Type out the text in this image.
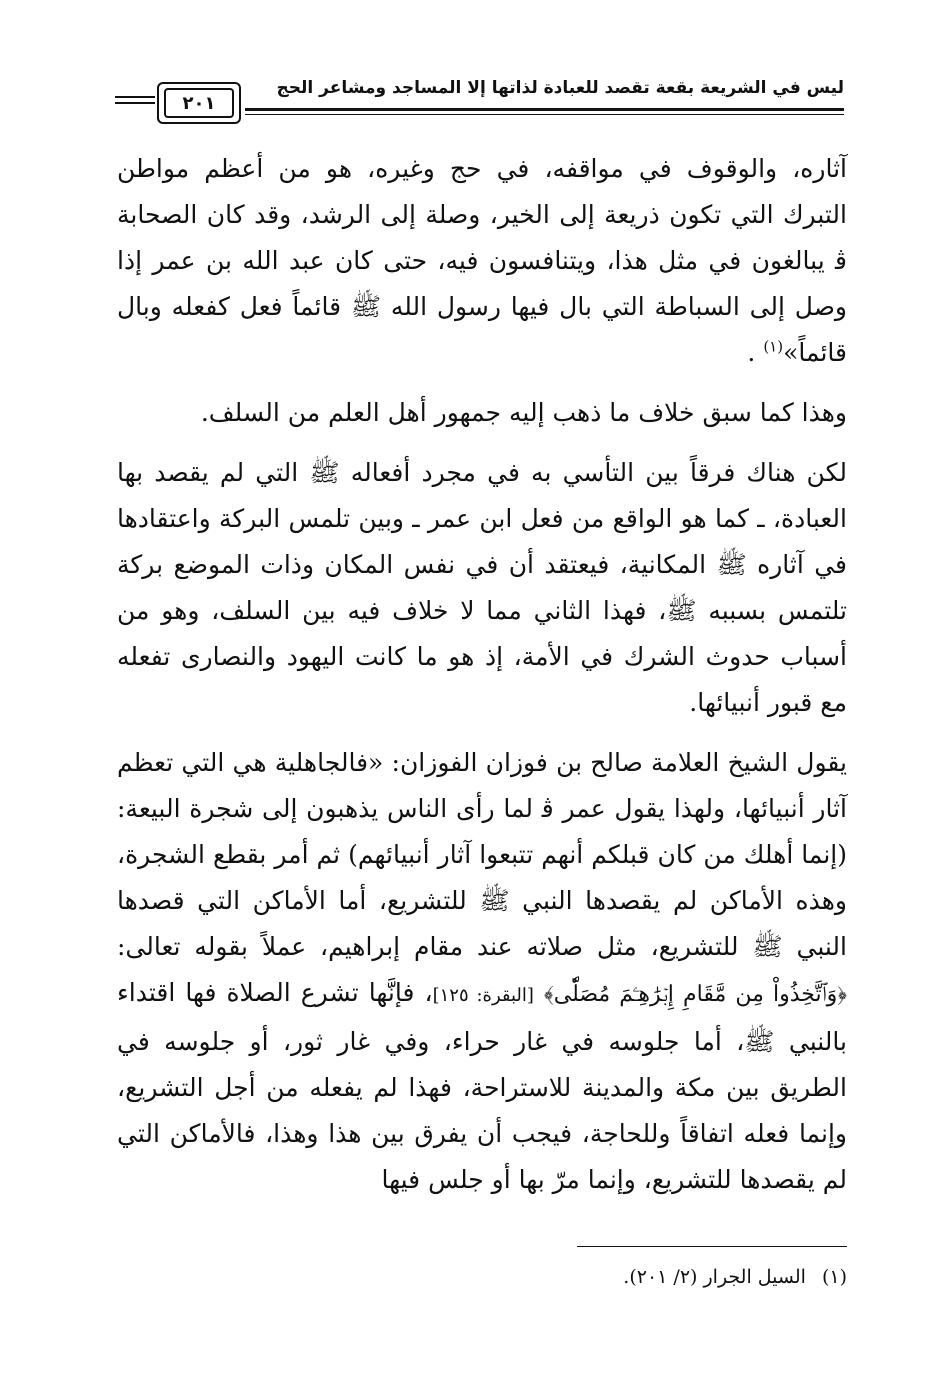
ليس في الشريعة بقعة تقصد للعبادة لذاتها إلا المساجد ومشاعر الحج
٢٠١

آثاره، والوقوف في مواقفه، في حج وغيره، هو من أعظم مواطن التبرك التي تكون ذريعة إلى الخير، وصلة إلى الرشد، وقد كان الصحابة ﭬ يبالغون في مثل هذا، ويتنافسون فيه، حتى كان عبد الله بن عمر إذا وصل إلى السباطة التي بال فيها رسول الله ﷺ قائماً فعل كفعله وبال قائماً»$^{(١)}$ .

وهذا كما سبق خلاف ما ذهب إليه جمهور أهل العلم من السلف.

لكن هناك فرقاً بين التأسي به في مجرد أفعاله ﷺ التي لم يقصد بها العبادة، ـ كما هو الواقع من فعل ابن عمر ـ وبين تلمس البركة واعتقادها في آثاره ﷺ المكانية، فيعتقد أن في نفس المكان وذات الموضع بركة تلتمس بسببه ﷺ، فهذا الثاني مما لا خلاف فيه بين السلف، وهو من أسباب حدوث الشرك في الأمة، إذ هو ما كانت اليهود والنصارى تفعله مع قبور أنبيائها.

يقول الشيخ العلامة صالح بن فوزان الفوزان: «فالجاهلية هي التي تعظم آثار أنبيائها، ولهذا يقول عمر ﭬ لما رأى الناس يذهبون إلى شجرة البيعة: (إنما أهلك من كان قبلكم أنهم تتبعوا آثار أنبيائهم) ثم أمر بقطع الشجرة، وهذه الأماكن لم يقصدها النبي ﷺ للتشريع، أما الأماكن التي قصدها النبي ﷺ للتشريع، مثل صلاته عند مقام إبراهيم، عملاً بقوله تعالى: ﴿وَٱتَّخِذُواْ مِن مَّقَامِ إِبۡرَٰهِـۧمَ مُصَلّٗى﴾ [البقرة: ١٢٥]، فإنَّها تشرع الصلاة فها اقتداء بالنبي ﷺ، أما جلوسه في غار حراء، وفي غار ثور، أو جلوسه في الطريق بين مكة والمدينة للاستراحة، فهذا لم يفعله من أجل التشريع، وإنما فعله اتفاقاً وللحاجة، فيجب أن يفرق بين هذا وهذا، فالأماكن التي لم يقصدها للتشريع، وإنما مرّ بها أو جلس فيها

(١)السيل الجرار (٢/ ٢٠١).
